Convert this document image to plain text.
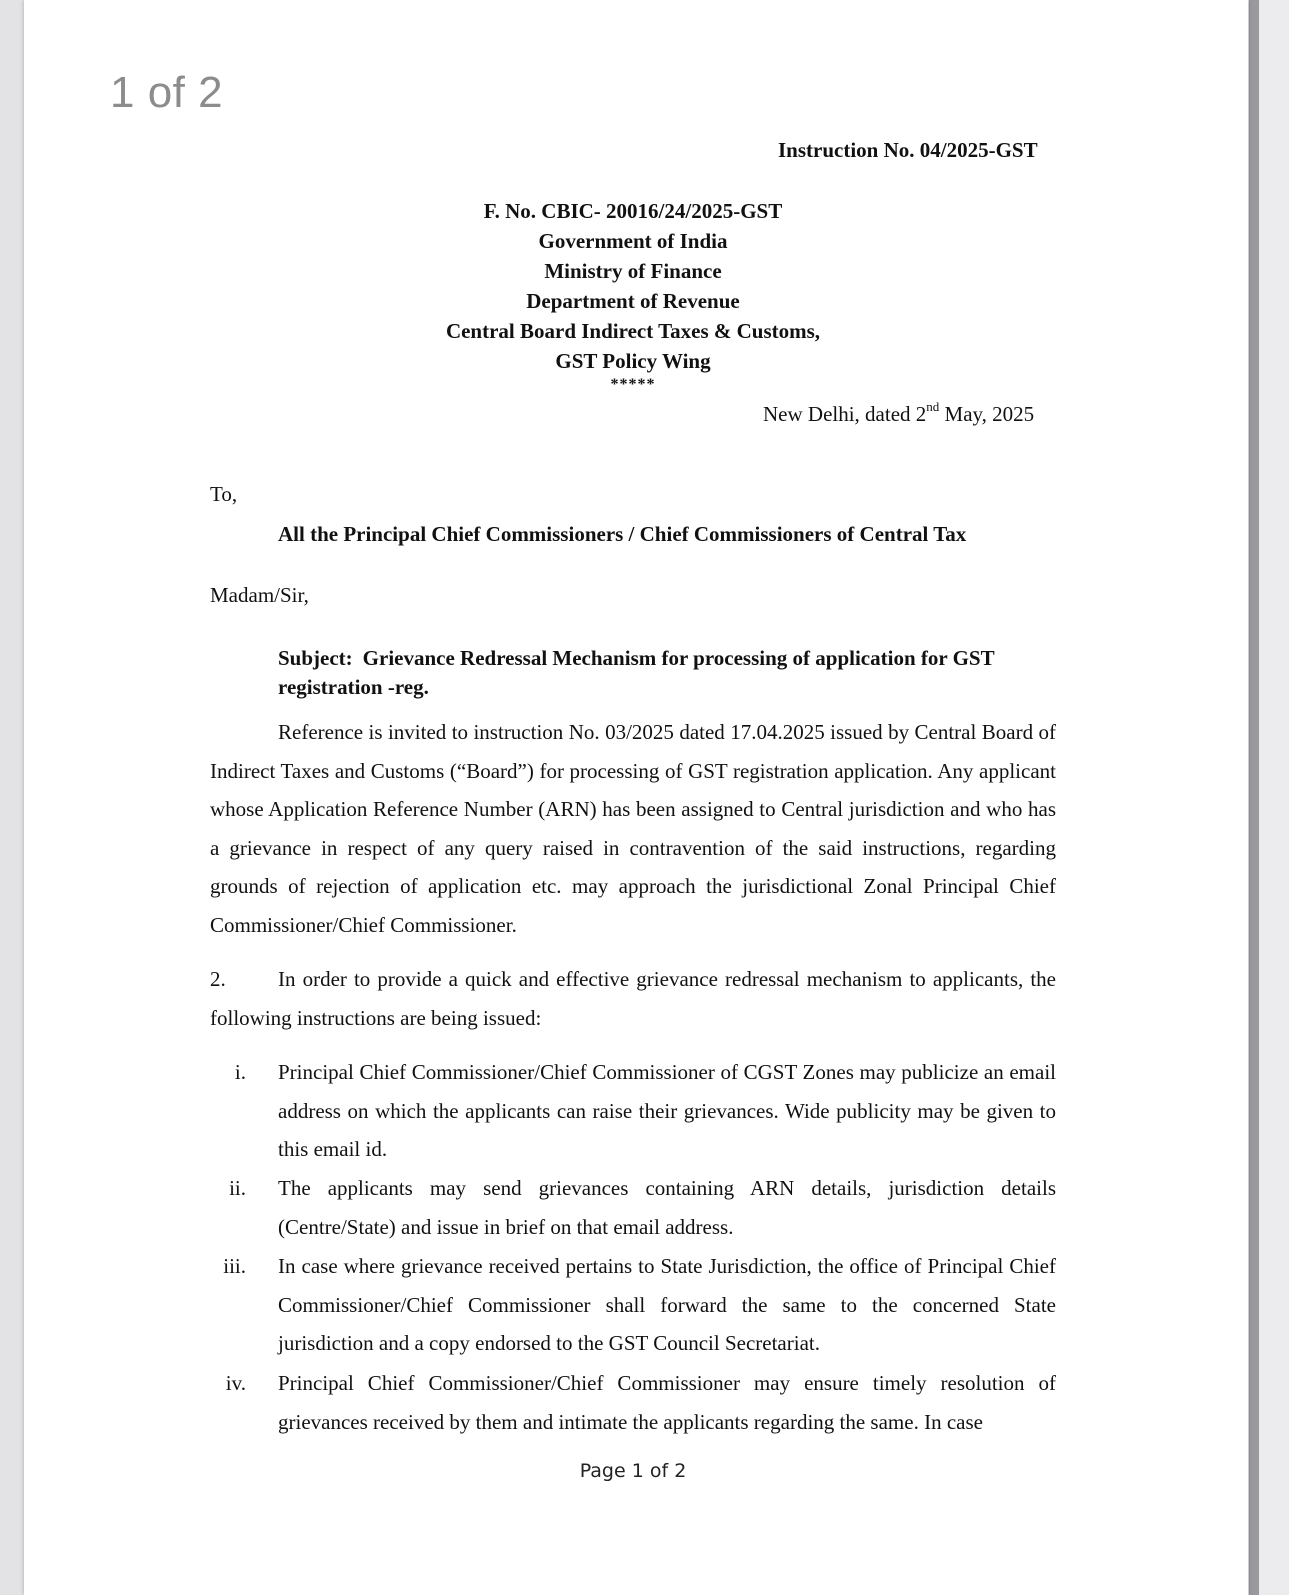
1 of 2
Instruction No. 04/2025-GST
F. No. CBIC- 20016/24/2025-GST
Government of India
Ministry of Finance
Department of Revenue
Central Board Indirect Taxes & Customs,
GST Policy Wing
*****
New Delhi, dated 2nd May, 2025
To,
All the Principal Chief Commissioners / Chief Commissioners of Central Tax
Madam/Sir,
Subject: Grievance Redressal Mechanism for processing of application for GST registration -reg.
Reference is invited to instruction No. 03/2025 dated 17.04.2025 issued by Central Board of Indirect Taxes and Customs (“Board”) for processing of GST registration application. Any applicant whose Application Reference Number (ARN) has been assigned to Central jurisdiction and who has a grievance in respect of any query raised in contravention of the said instructions, regarding grounds of rejection of application etc. may approach the jurisdictional Zonal Principal Chief Commissioner/Chief Commissioner.
2. In order to provide a quick and effective grievance redressal mechanism to applicants, the following instructions are being issued:
i. Principal Chief Commissioner/Chief Commissioner of CGST Zones may publicize an email address on which the applicants can raise their grievances. Wide publicity may be given to this email id.
ii. The applicants may send grievances containing ARN details, jurisdiction details (Centre/State) and issue in brief on that email address.
iii. In case where grievance received pertains to State Jurisdiction, the office of Principal Chief Commissioner/Chief Commissioner shall forward the same to the concerned State jurisdiction and a copy endorsed to the GST Council Secretariat.
iv. Principal Chief Commissioner/Chief Commissioner may ensure timely resolution of grievances received by them and intimate the applicants regarding the same. In case
Page 1 of 2
